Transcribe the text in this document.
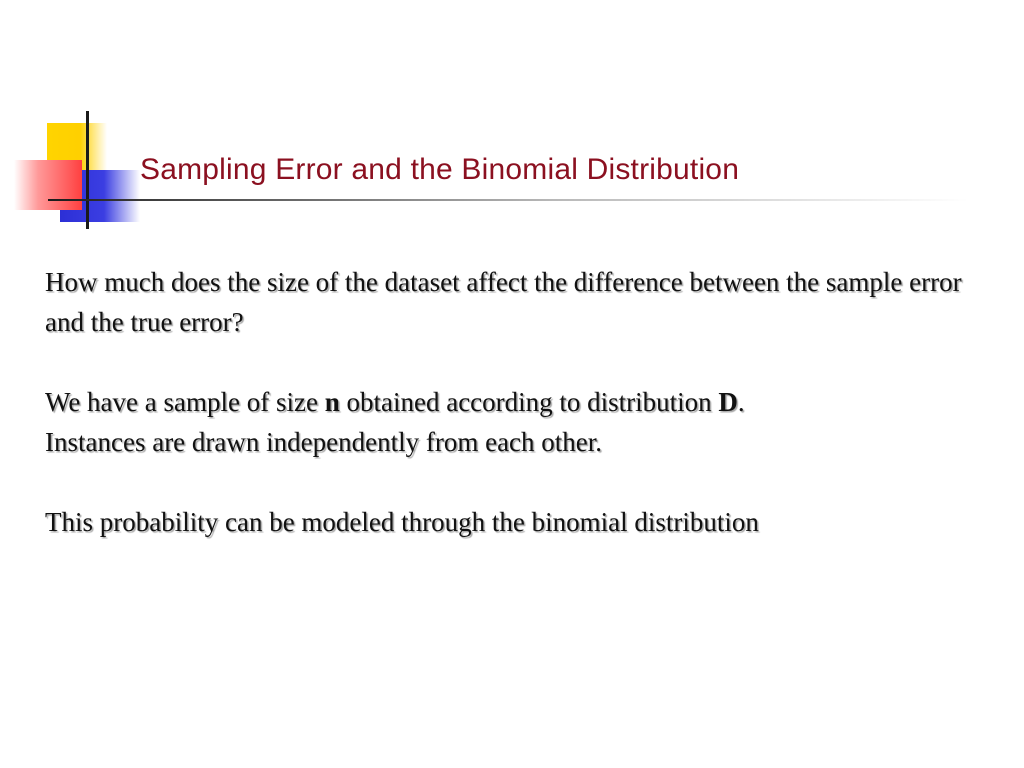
Sampling Error and the Binomial Distribution

How much does the size of the dataset affect the difference between the sample error and the true error?

We have a sample of size n obtained according to distribution D.
Instances are drawn independently from each other.

This probability can be modeled through the binomial distribution
